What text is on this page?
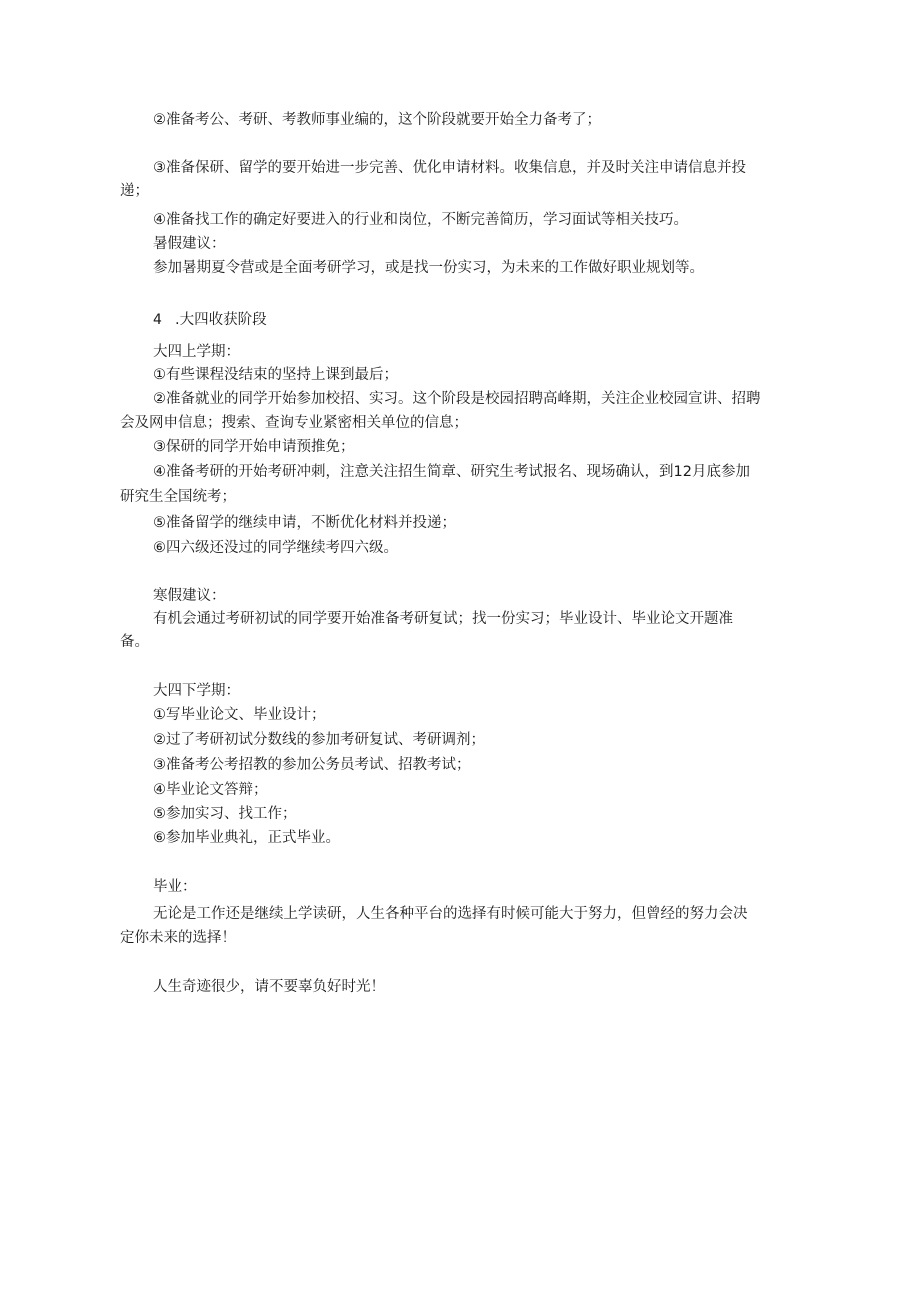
②准备考公、考研、考教师事业编的，这个阶段就要开始全力备考了；
③准备保研、留学的要开始进一步完善、优化申请材料。收集信息，并及时关注申请信息并投
递；
④准备找工作的确定好要进入的行业和岗位，不断完善简历，学习面试等相关技巧。
暑假建议：
参加暑期夏令营或是全面考研学习，或是找一份实习，为未来的工作做好职业规划等。
4 .大四收获阶段
大四上学期：
①有些课程没结束的坚持上课到最后；
②准备就业的同学开始参加校招、实习。这个阶段是校园招聘高峰期，关注企业校园宣讲、招聘
会及网申信息；搜索、查询专业紧密相关单位的信息；
③保研的同学开始申请预推免；
④准备考研的开始考研冲刺，注意关注招生简章、研究生考试报名、现场确认，到12月底参加
研究生全国统考；
⑤准备留学的继续申请，不断优化材料并投递；
⑥四六级还没过的同学继续考四六级。
寒假建议：
有机会通过考研初试的同学要开始准备考研复试；找一份实习；毕业设计、毕业论文开题准
备。
大四下学期：
①写毕业论文、毕业设计；
②过了考研初试分数线的参加考研复试、考研调剂；
③准备考公考招教的参加公务员考试、招教考试；
④毕业论文答辩；
⑤参加实习、找工作；
⑥参加毕业典礼，正式毕业。
毕业：
无论是工作还是继续上学读研，人生各种平台的选择有时候可能大于努力，但曾经的努力会决
定你未来的选择！
人生奇迹很少，请不要辜负好时光！
